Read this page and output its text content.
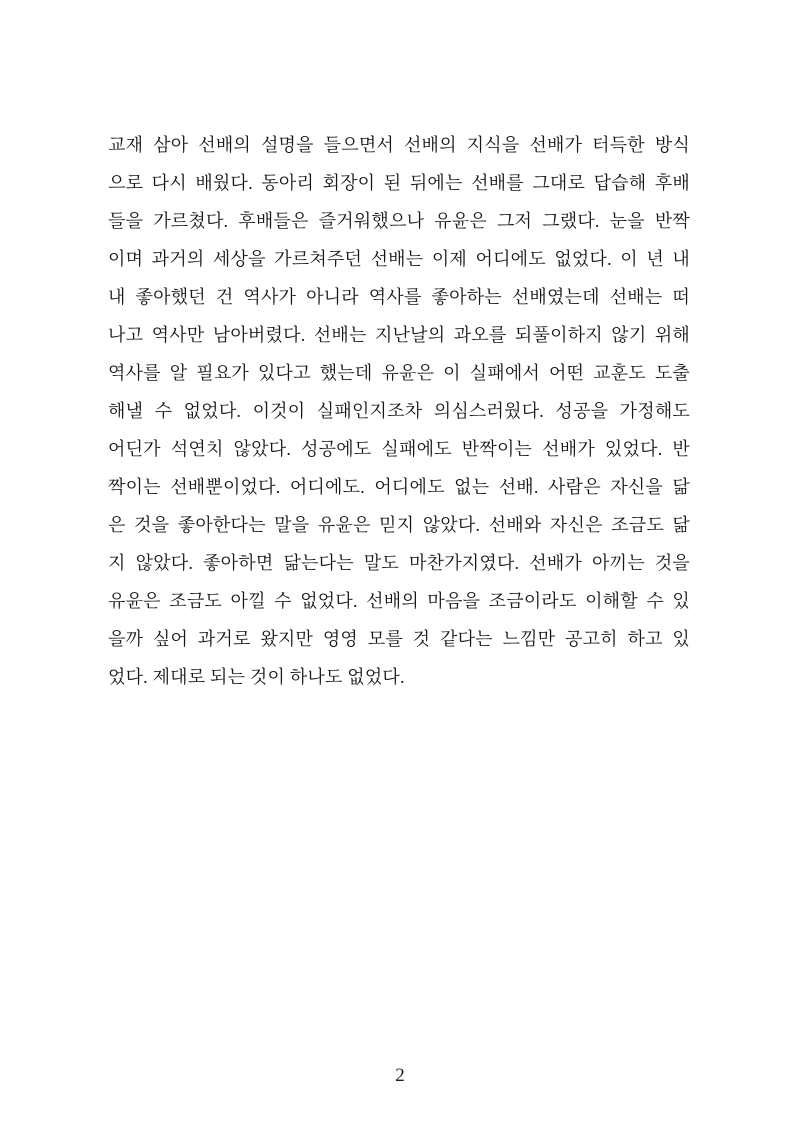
교재 삼아 선배의 설명을 들으면서 선배의 지식을 선배가 터득한 방식
으로 다시 배웠다. 동아리 회장이 된 뒤에는 선배를 그대로 답습해 후배
들을 가르쳤다. 후배들은 즐거워했으나 유윤은 그저 그랬다. 눈을 반짝
이며 과거의 세상을 가르쳐주던 선배는 이제 어디에도 없었다. 이 년 내
내 좋아했던 건 역사가 아니라 역사를 좋아하는 선배였는데 선배는 떠
나고 역사만 남아버렸다. 선배는 지난날의 과오를 되풀이하지 않기 위해
역사를 알 필요가 있다고 했는데 유윤은 이 실패에서 어떤 교훈도 도출
해낼 수 없었다. 이것이 실패인지조차 의심스러웠다. 성공을 가정해도
어딘가 석연치 않았다. 성공에도 실패에도 반짝이는 선배가 있었다. 반
짝이는 선배뿐이었다. 어디에도. 어디에도 없는 선배. 사람은 자신을 닮
은 것을 좋아한다는 말을 유윤은 믿지 않았다. 선배와 자신은 조금도 닮
지 않았다. 좋아하면 닮는다는 말도 마찬가지였다. 선배가 아끼는 것을
유윤은 조금도 아낄 수 없었다. 선배의 마음을 조금이라도 이해할 수 있
을까 싶어 과거로 왔지만 영영 모를 것 같다는 느낌만 공고히 하고 있
었다. 제대로 되는 것이 하나도 없었다.
2
